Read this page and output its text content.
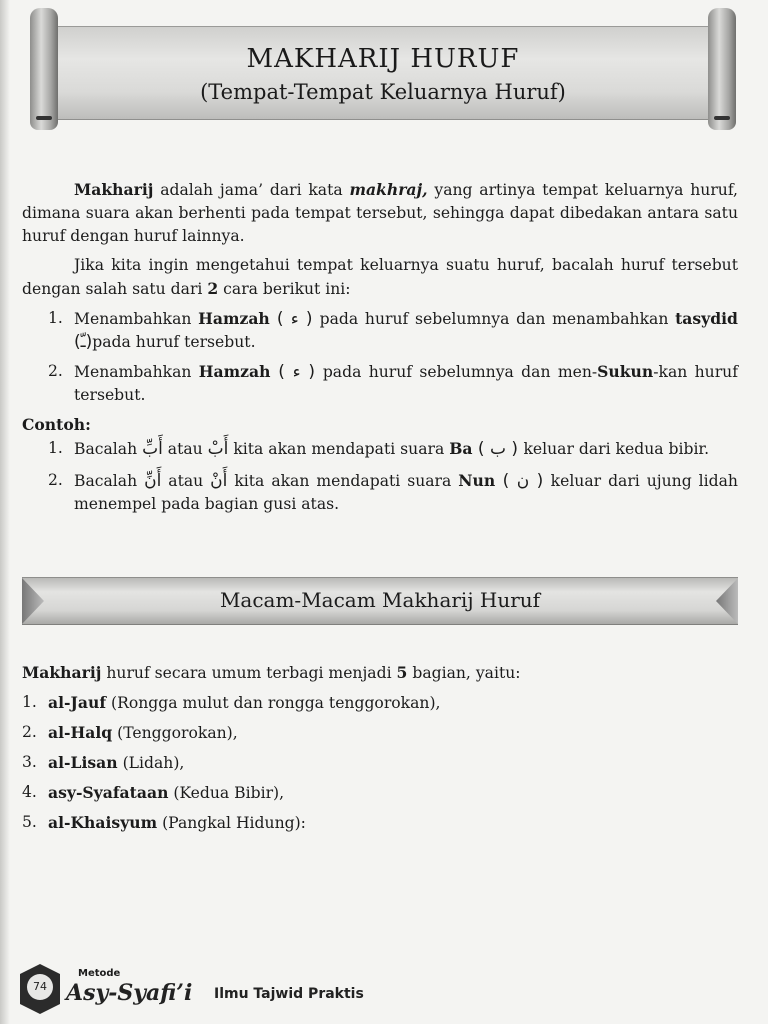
MAKHARIJ HURUF
(Tempat-Tempat Keluarnya Huruf)

Makharij adalah jama’ dari kata makhraj, yang artinya tempat keluarnya huruf, dimana suara akan berhenti pada tempat tersebut, sehingga dapat dibedakan antara satu huruf dengan huruf lainnya.

Jika kita ingin mengetahui tempat keluarnya suatu huruf, bacalah huruf tersebut dengan salah satu dari 2 cara berikut ini:

1. Menambahkan Hamzah ( ء ) pada huruf sebelumnya dan menambahkan tasydid (ـّ)pada huruf tersebut.
2. Menambahkan Hamzah ( ء ) pada huruf sebelumnya dan men-Sukun-kan huruf tersebut.

Contoh:

1. Bacalah أَبِّ atau أَبْ kita akan mendapati suara Ba ( ب ) keluar dari kedua bibir.
2. Bacalah أَنِّ atau أَنْ kita akan mendapati suara Nun ( ن ) keluar dari ujung lidah menempel pada bagian gusi atas.
Macam-Macam Makharij Huruf

Makharij huruf secara umum terbagi menjadi 5 bagian, yaitu:

1. al-Jauf (Rongga mulut dan rongga tenggorokan),
2. al-Halq (Tenggorokan),
3. al-Lisan (Lidah),
4. asy-Syafataan (Kedua Bibir),
5. al-Khaisyum (Pangkal Hidung):
74
Metode
Asy-Syafi’i Ilmu Tajwid Praktis
